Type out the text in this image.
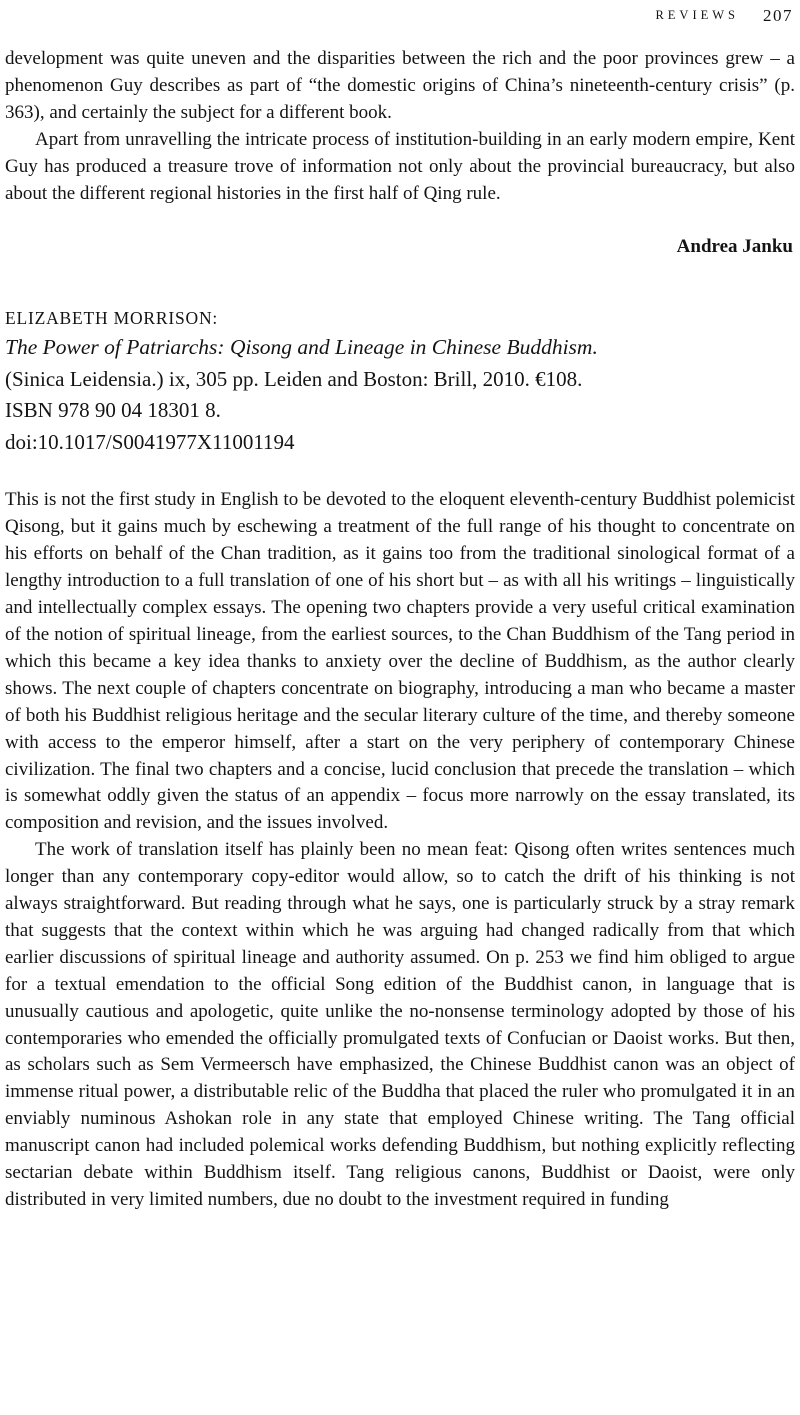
REVIEWS 207

development was quite uneven and the disparities between the rich and the poor provinces grew – a phenomenon Guy describes as part of “the domestic origins of China’s nineteenth-century crisis” (p. 363), and certainly the subject for a different book.

Apart from unravelling the intricate process of institution-building in an early modern empire, Kent Guy has produced a treasure trove of information not only about the provincial bureaucracy, but also about the different regional histories in the first half of Qing rule.

Andrea Janku

ELIZABETH MORRISON:

The Power of Patriarchs: Qisong and Lineage in Chinese Buddhism.

(Sinica Leidensia.) ix, 305 pp. Leiden and Boston: Brill, 2010. €108.

ISBN 978 90 04 18301 8.

doi:10.1017/S0041977X11001194

This is not the first study in English to be devoted to the eloquent eleventh-century Buddhist polemicist Qisong, but it gains much by eschewing a treatment of the full range of his thought to concentrate on his efforts on behalf of the Chan tradition, as it gains too from the traditional sinological format of a lengthy introduction to a full translation of one of his short but – as with all his writings – linguistically and intellectually complex essays. The opening two chapters provide a very useful critical examination of the notion of spiritual lineage, from the earliest sources, to the Chan Buddhism of the Tang period in which this became a key idea thanks to anxiety over the decline of Buddhism, as the author clearly shows. The next couple of chapters concentrate on biography, introducing a man who became a master of both his Buddhist religious heritage and the secular literary culture of the time, and thereby someone with access to the emperor himself, after a start on the very periphery of contemporary Chinese civilization. The final two chapters and a concise, lucid conclusion that precede the translation – which is somewhat oddly given the status of an appendix – focus more narrowly on the essay translated, its composition and revision, and the issues involved.

The work of translation itself has plainly been no mean feat: Qisong often writes sentences much longer than any contemporary copy-editor would allow, so to catch the drift of his thinking is not always straightforward. But reading through what he says, one is particularly struck by a stray remark that suggests that the context within which he was arguing had changed radically from that which earlier discussions of spiritual lineage and authority assumed. On p. 253 we find him obliged to argue for a textual emendation to the official Song edition of the Buddhist canon, in language that is unusually cautious and apologetic, quite unlike the no-nonsense terminology adopted by those of his contemporaries who emended the officially promulgated texts of Confucian or Daoist works. But then, as scholars such as Sem Vermeersch have emphasized, the Chinese Buddhist canon was an object of immense ritual power, a distributable relic of the Buddha that placed the ruler who promulgated it in an enviably numinous Ashokan role in any state that employed Chinese writing. The Tang official manuscript canon had included polemical works defending Buddhism, but nothing explicitly reflecting sectarian debate within Buddhism itself. Tang religious canons, Buddhist or Daoist, were only distributed in very limited numbers, due no doubt to the investment required in funding
